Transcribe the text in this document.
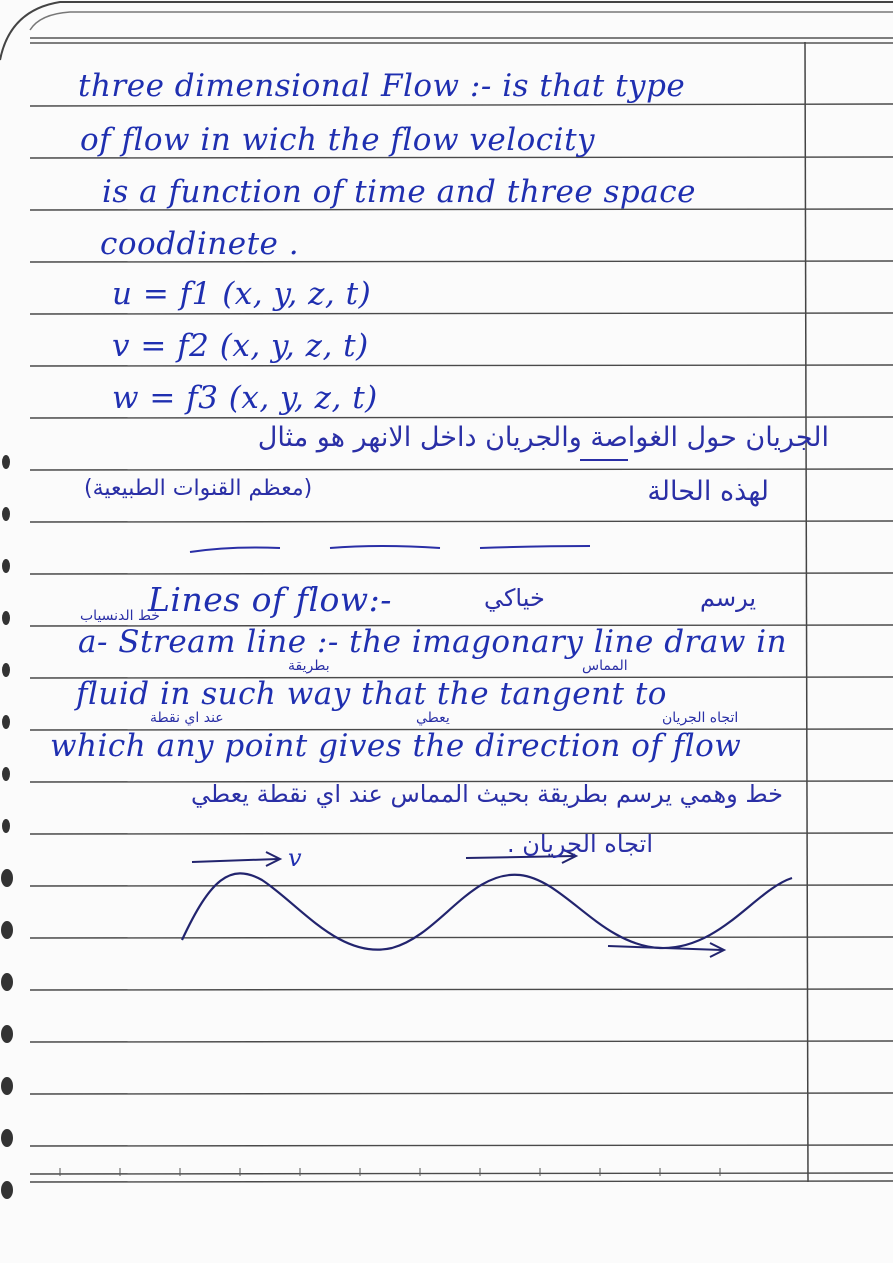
three dimensional Flow :- is that type
of flow in wich the flow velocity
is a function of time and three space
cooddinete .
u = f1 (x, y, z, t)
v = f2 (x, y, z, t)
w = f3 (x, y, z, t)
الجريان حول الغواصة والجريان داخل الانهر هو مثال
لهذه الحالة
(معظم القنوات الطبيعية)
Lines of flow:-	خياكي	يرسم
خط الدنسياب
a- Stream line :- the imagonary line draw in
بطريقة	المماس
fluid in such way that the tangent to
عند اي نقطة	يعطي	اتجاه الجريان
which any point gives the direction of flow
خط وهمي يرسم بطريقة بحيث المماس عند اي نقطة يعطي
اتجاه الجريان .
v
